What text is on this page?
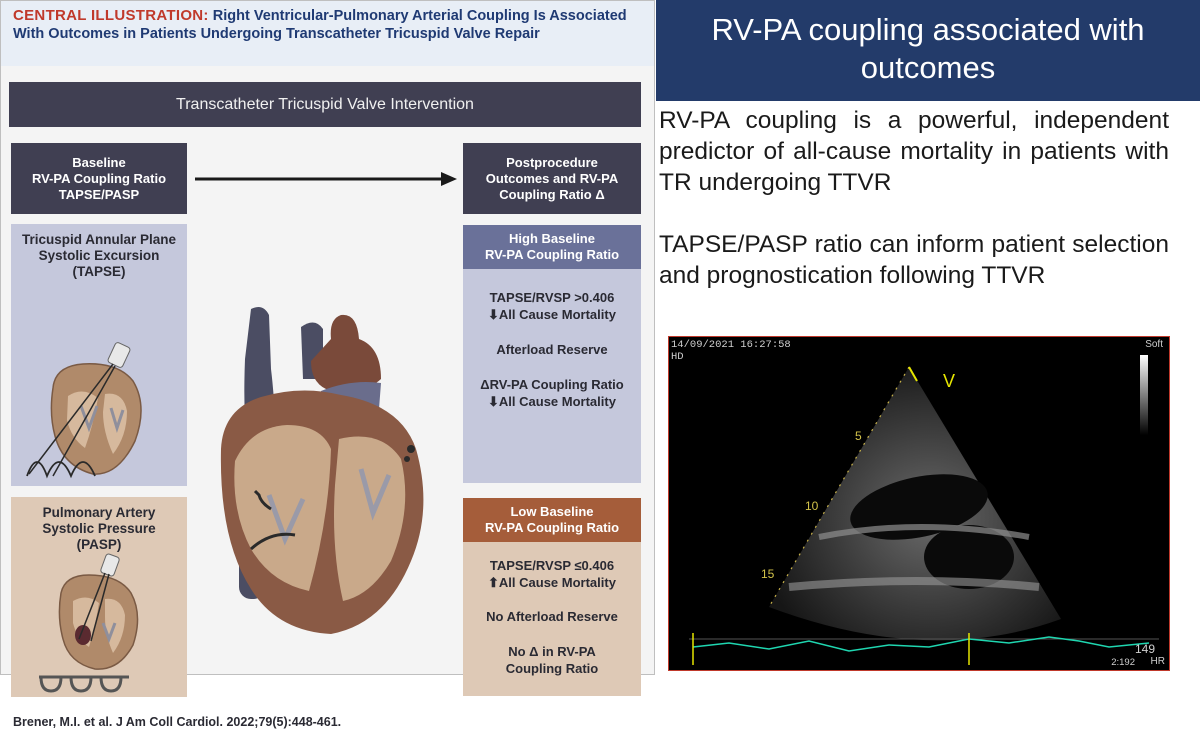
CENTRAL ILLUSTRATION: Right Ventricular-Pulmonary Arterial Coupling Is Associated With Outcomes in Patients Undergoing Transcatheter Tricuspid Valve Repair
Transcatheter Tricuspid Valve Intervention
Baseline
RV-PA Coupling Ratio
TAPSE/PASP
Postprocedure
Outcomes and RV-PA
Coupling Ratio Δ
Tricuspid Annular Plane
Systolic Excursion
(TAPSE)
Pulmonary Artery
Systolic Pressure
(PASP)
High Baseline
RV-PA Coupling Ratio
TAPSE/RVSP >0.406
⬇All Cause Mortality
Afterload Reserve
ΔRV-PA Coupling Ratio
⬇All Cause Mortality
Low Baseline
RV-PA Coupling Ratio
TAPSE/RVSP ≤0.406
⬆All Cause Mortality
No Afterload Reserve
No Δ in RV-PA
Coupling Ratio
Brener, M.I. et al. J Am Coll Cardiol. 2022;79(5):448-461.
RV-PA coupling associated with outcomes

RV-PA coupling is a powerful, independent predictor of all-cause mortality in patients with TR undergoing TTVR

TAPSE/PASP ratio can inform patient selection and prognostication following TTVR

14/09/2021 16:27:58
HD
Soft
V
5
10
15
149
2:192 HR
